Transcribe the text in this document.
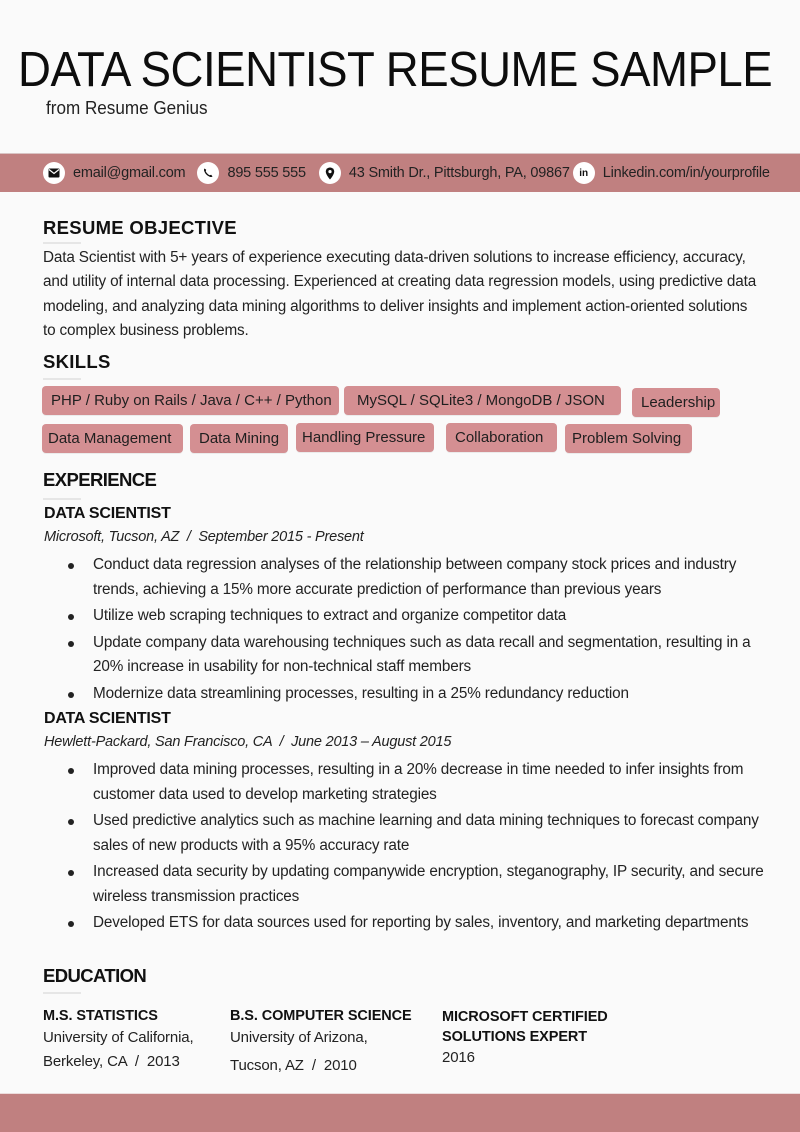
DATA SCIENTIST RESUME SAMPLE
from Resume Genius
email@gmail.com	895 555 555	43 Smith Dr., Pittsburgh, PA, 09867 in Linkedin.com/in/yourprofile
RESUME OBJECTIVE
Data Scientist with 5+ years of experience executing data-driven solutions to increase efficiency, accuracy, and utility of internal data processing. Experienced at creating data regression models, using predictive data modeling, and analyzing data mining algorithms to deliver insights and implement action-oriented solutions to complex business problems.
SKILLS
PHP / Ruby on Rails / Java / C++ / Python	MySQL / SQLite3 / MongoDB / JSON	Leadership
Data Management	Data Mining	Handling Pressure	Collaboration	Problem Solving
EXPERIENCE
DATA SCIENTIST
Microsoft, Tucson, AZ  /  September 2015 - Present
Conduct data regression analyses of the relationship between company stock prices and industry trends, achieving a 15% more accurate prediction of performance than previous years
Utilize web scraping techniques to extract and organize competitor data
Update company data warehousing techniques such as data recall and segmentation, resulting in a 20% increase in usability for non-technical staff members
Modernize data streamlining processes, resulting in a 25% redundancy reduction
DATA SCIENTIST
Hewlett-Packard, San Francisco, CA  /  June 2013 – August 2015
Improved data mining processes, resulting in a 20% decrease in time needed to infer insights from customer data used to develop marketing strategies
Used predictive analytics such as machine learning and data mining techniques to forecast company sales of new products with a 95% accuracy rate
Increased data security by updating companywide encryption, steganography, IP security, and secure wireless transmission practices
Developed ETS for data sources used for reporting by sales, inventory, and marketing departments
EDUCATION
M.S. STATISTICS
University of California,
Berkeley, CA  /  2013
B.S. COMPUTER SCIENCE
University of Arizona,
Tucson, AZ  /  2010
MICROSOFT CERTIFIED
SOLUTIONS EXPERT
2016
